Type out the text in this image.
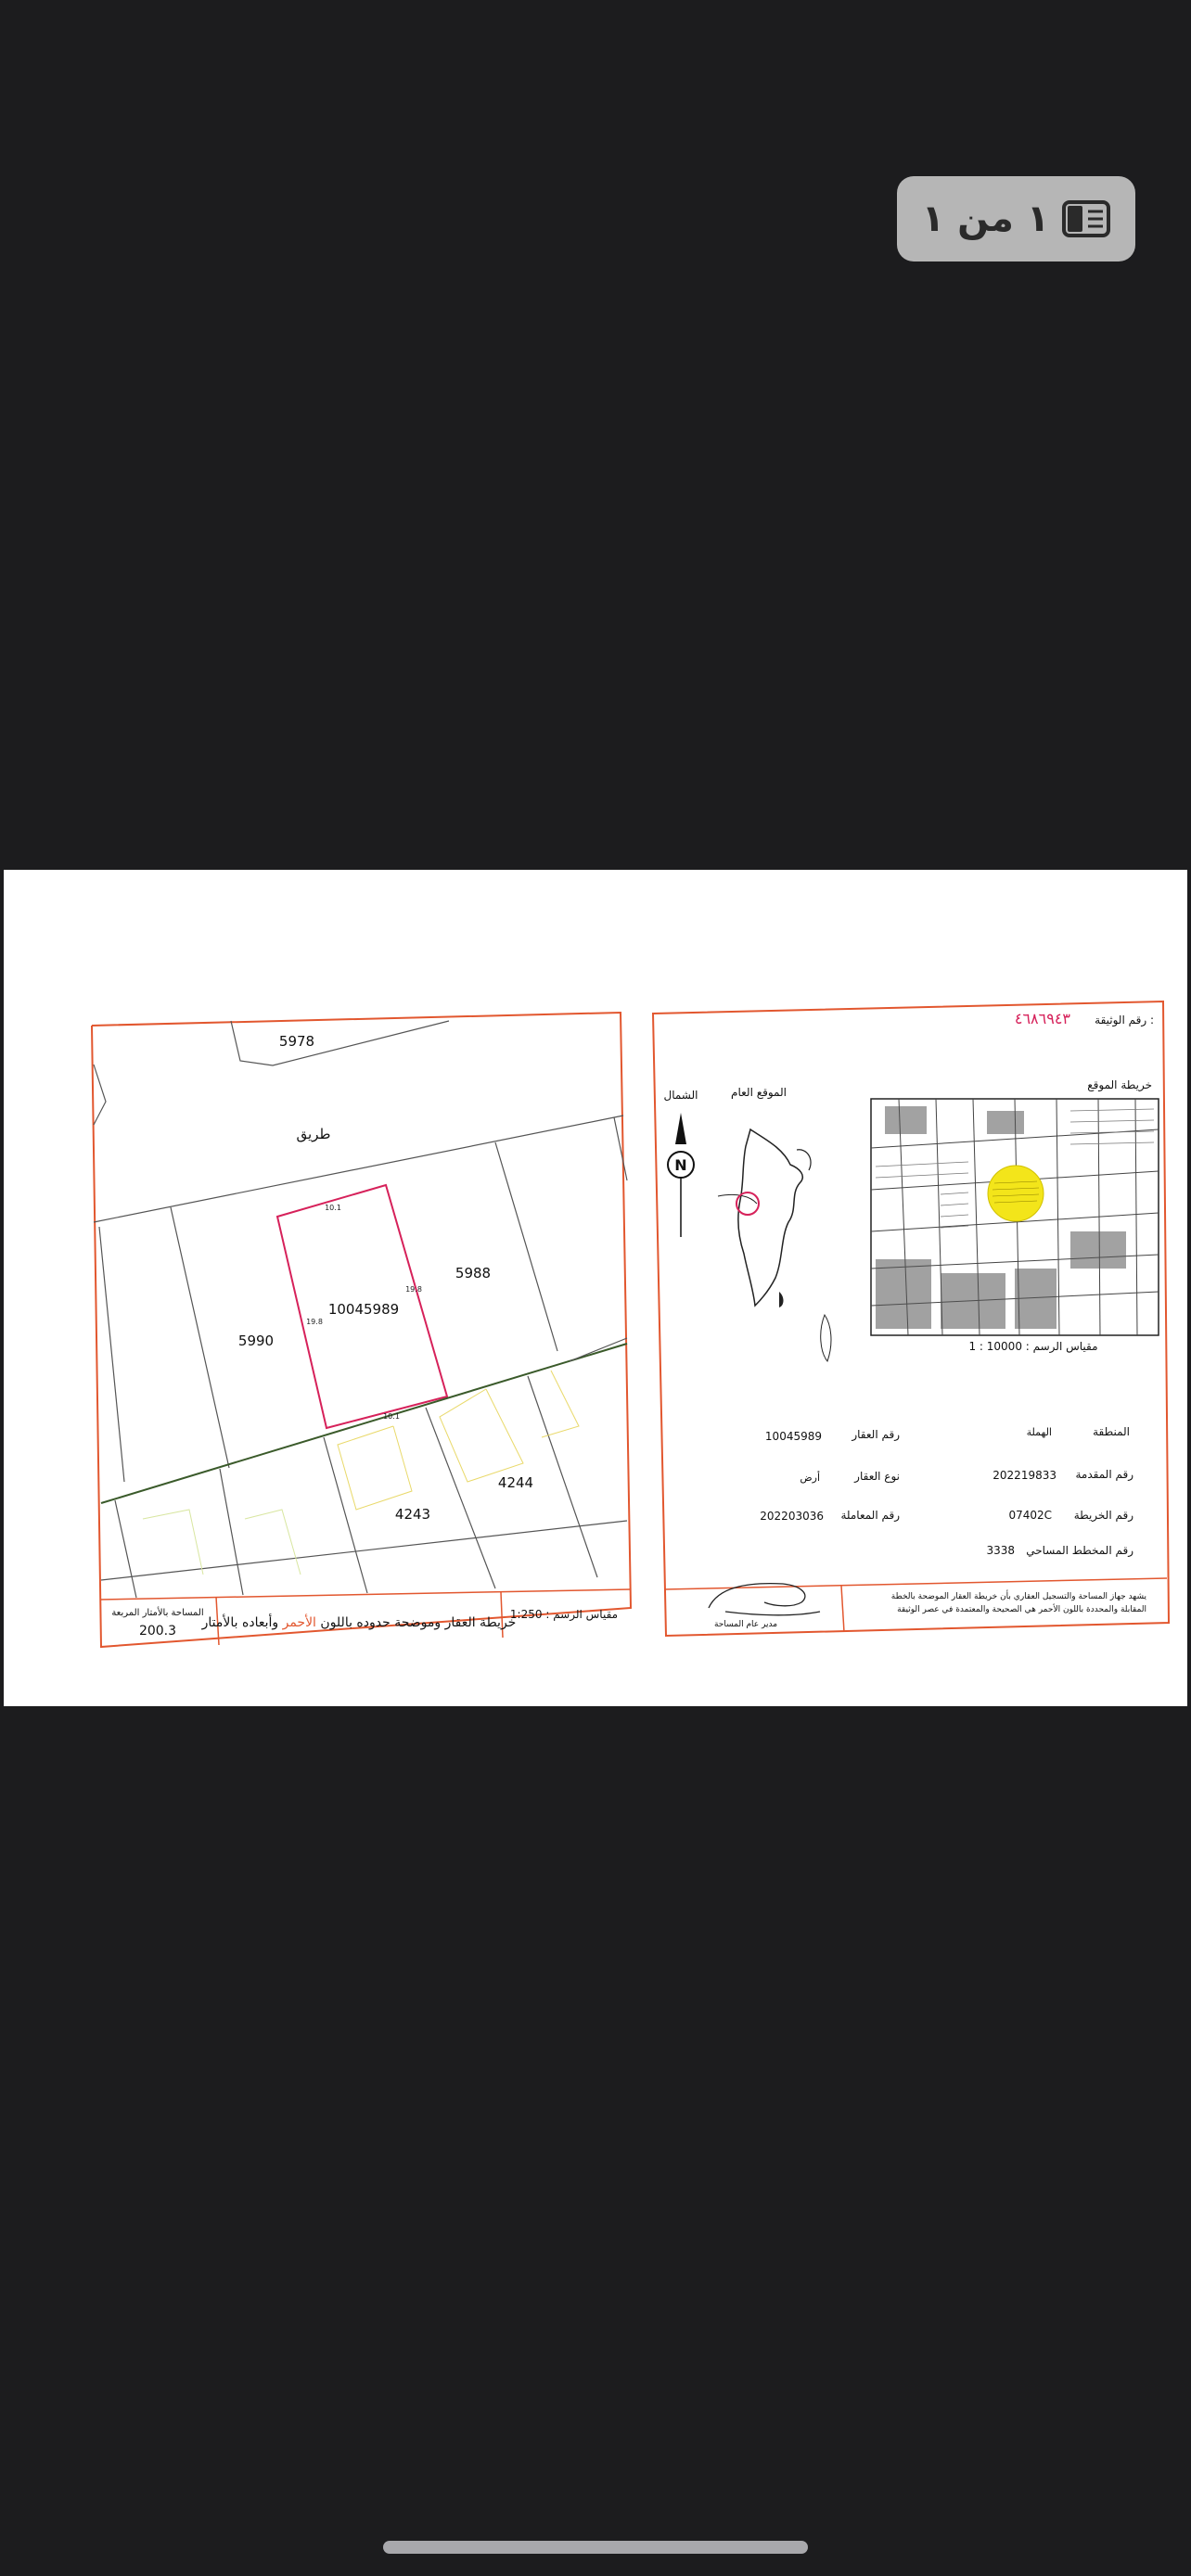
١ من ١
5978
طريق
10045989
5990
5988
4243
4244
10.1
10.1
19.8
19.8
المساحة بالأمتار المربعة
200.3
خريطة العقار وموضحة حدوده باللون الأحمر وأبعاده بالأمتار
مقياس الرسم : 1:250
رقم الوثيقة :
٤٦٨٦٩٤٣
خريطة الموقع
الموقع العام
الشمال
N
مقياس الرسم : 10000 : 1
المنطقة
الهملة
رقم العقار
10045989
رقم المقدمة
202219833
نوع العقار
أرض
رقم الخريطة
07402C
رقم المعاملة
202203036
رقم المخطط المساحي
3338
يشهد جهاز المساحة والتسجيل العقاري بأن خريطة العقار الموضحة بالخطة
المقابلة والمحددة باللون الأحمر هي الصحيحة والمعتمدة في عصر الوثيقة
مدير عام المساحة
